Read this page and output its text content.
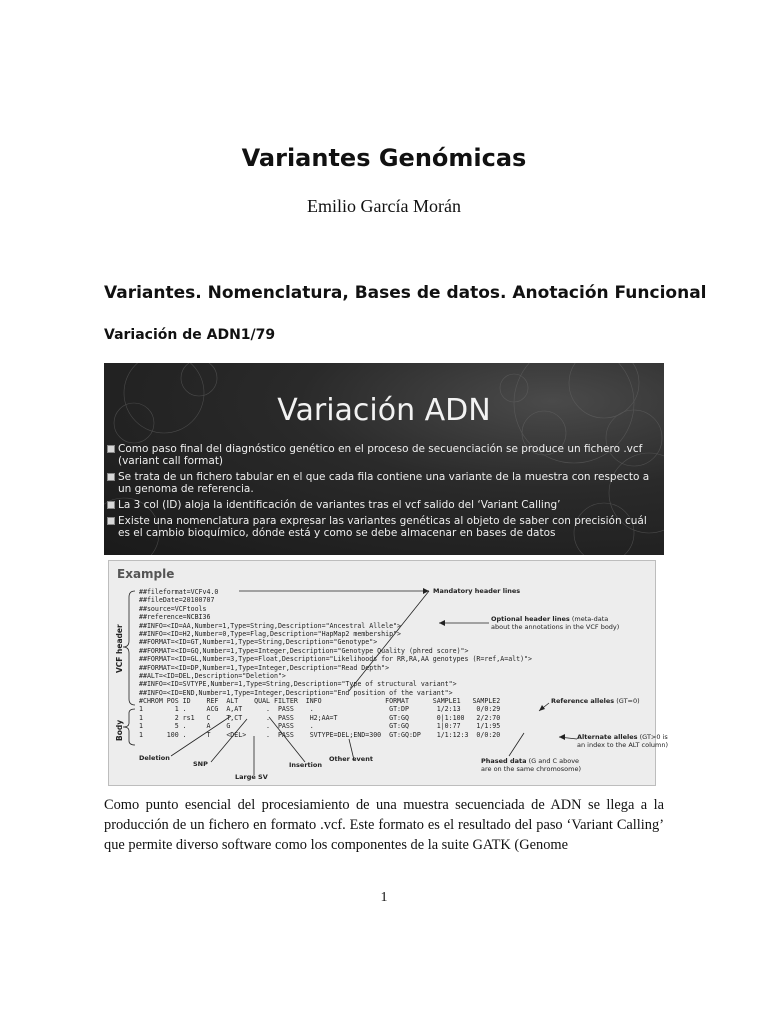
Variantes Genómicas
Emilio García Morán
Variantes. Nomenclatura, Bases de datos. Anotación Funcional
Variación de ADN1/79
Variación ADN
Como paso final del diagnóstico genético en el proceso de secuenciación se produce un fichero .vcf (variant call format)
Se trata de un fichero tabular en el que cada fila contiene una variante de la muestra con respecto a un genoma de referencia.
La 3 col (ID) aloja la identificación de variantes tras el vcf salido del ‘Variant Calling’
Existe una nomenclatura para expresar las variantes genéticas al objeto de saber con precisión cuál es el cambio bioquímico, dónde está y como se debe almacenar en bases de datos
Example
VCF header
Body
##fileformat=VCFv4.0
##fileDate=20100707
##source=VCFtools
##reference=NCBI36
##INFO=<ID=AA,Number=1,Type=String,Description="Ancestral Allele">
##INFO=<ID=H2,Number=0,Type=Flag,Description="HapMap2 membership">
##FORMAT=<ID=GT,Number=1,Type=String,Description="Genotype">
##FORMAT=<ID=GQ,Number=1,Type=Integer,Description="Genotype Quality (phred score)">
##FORMAT=<ID=GL,Number=3,Type=Float,Description="Likelihoods for RR,RA,AA genotypes (R=ref,A=alt)">
##FORMAT=<ID=DP,Number=1,Type=Integer,Description="Read Depth">
##ALT=<ID=DEL,Description="Deletion">
##INFO=<ID=SVTYPE,Number=1,Type=String,Description="Type of structural variant">
##INFO=<ID=END,Number=1,Type=Integer,Description="End position of the variant">
#CHROM POS ID    REF  ALT    QUAL FILTER  INFO                FORMAT      SAMPLE1   SAMPLE2
1        1 .     ACG  A,AT      .  PASS    .                   GT:DP       1/2:13    0/0:29
1        2 rs1   C    T,CT      .  PASS    H2;AA=T             GT:GQ       0|1:100   2/2:70
1        5 .     A    G         .  PASS    .                   GT:GQ       1|0:77    1/1:95
1      100 .     T    <DEL>     .  PASS    SVTYPE=DEL;END=300  GT:GQ:DP    1/1:12:3  0/0:20
Mandatory header lines
Optional header lines (meta-data
about the annotations in the VCF body)
Reference alleles (GT=0)
Alternate alleles (GT>0 is
an index to the ALT column)
Phased data (G and C above
are on the same chromosome)
Deletion
SNP
Large SV
Insertion
Other event

Como punto esencial del procesiamiento de una muestra secuenciada de ADN se llega a la producción de un fichero en formato .vcf. Este formato es el resultado del paso ‘Variant Calling’ que permite diverso software como los componentes de la suite GATK (Genome

1
